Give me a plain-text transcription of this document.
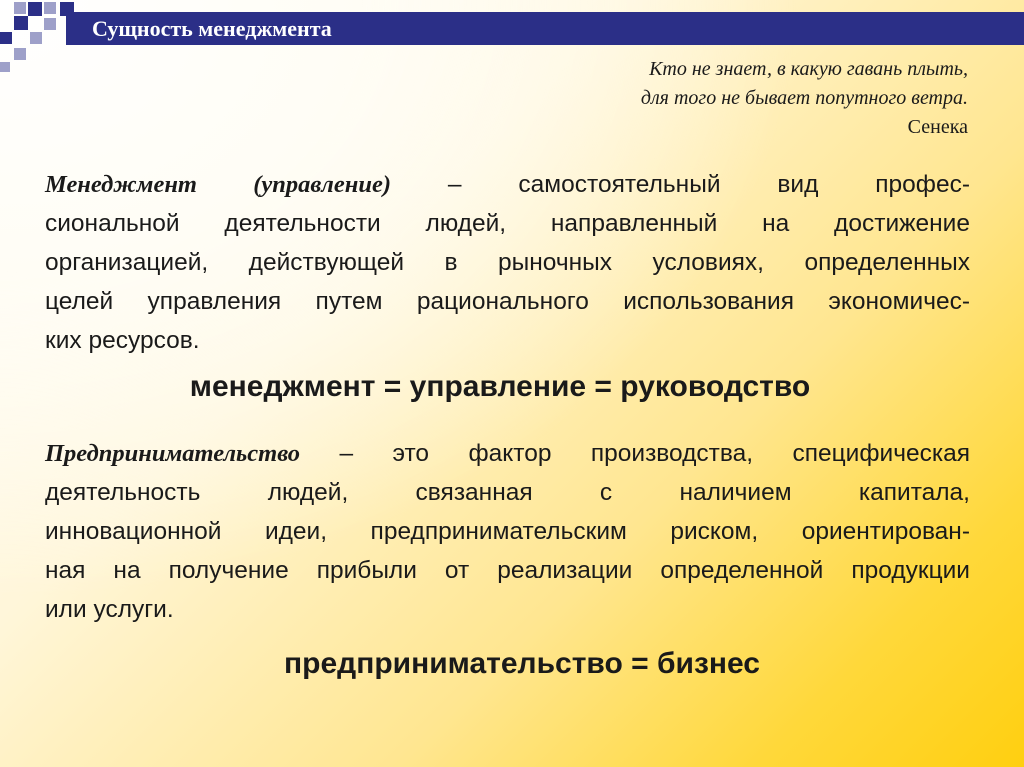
Сущность менеджмента
Кто не знает, в какую гавань плыть,
для того не бывает попутного ветра.
Сенека
Менеджмент (управление) – самостоятельный вид профес-
сиональной деятельности людей, направленный на достижение
организацией, действующей в рыночных условиях, определенных
целей управления путем рационального использования экономичес-
ких ресурсов.
менеджмент = управление = руководство
Предпринимательство – это фактор производства, специфическая
деятельность людей, связанная с наличием капитала,
инновационной идеи, предпринимательским риском, ориентирован-
ная на получение прибыли от реализации определенной продукции
или услуги.
предпринимательство = бизнес
